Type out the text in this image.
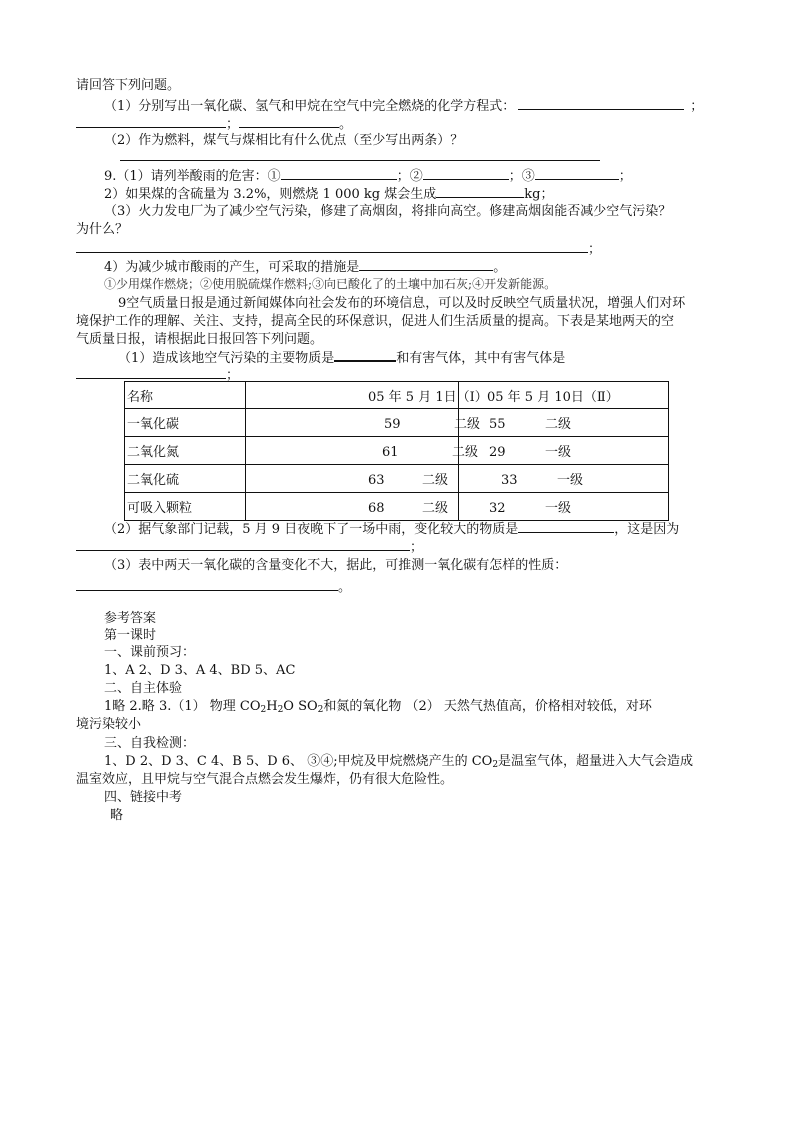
请回答下列问题。
（1）分别写出一氧化碳、氢气和甲烷在空气中完全燃烧的化学方程式：	；
；	。
（2）作为燃料，煤气与煤相比有什么优点（至少写出两条）？
9.（1）请列举酸雨的危害：①	；②	；③	；
2）如果煤的含硫量为 3.2%，则燃烧 1 000 kg 煤会生成	kg；
（3）火力发电厂为了减少空气污染，修建了高烟囱，将排向高空。修建高烟囱能否减少空气污染？
为什么？
；
4）为减少城市酸雨的产生，可采取的措施是	。
①少用煤作燃烧；②使用脱硫煤作燃料;③向已酸化了的土壤中加石灰;④开发新能源。
9空气质量日报是通过新闻媒体向社会发布的环境信息，可以及时反映空气质量状况，增强人们对环
境保护工作的理解、关注、支持，提高全民的环保意识，促进人们生活质量的提高。下表是某地两天的空
气质量日报，请根据此日报回答下列问题。
（1）造成该地空气污染的主要物质是	和有害气体，其中有害气体是
；
名称	05 年 5 月 1日（Ⅰ）	05 年 5 月 10日（Ⅱ）
一氧化碳	59 二级	55 二级
二氧化氮	61 二级	29 一级
二氧化硫	63 二级	33 一级
可吸入颗粒	68 二级	32 一级
（2）据气象部门记载，5 月 9 日夜晚下了一场中雨，变化较大的物质是	，这是因为
；
（3）表中两天一氧化碳的含量变化不大，据此，可推测一氧化碳有怎样的性质：
。
参考答案
第一课时
一、课前预习：
1、A 2、D 3、A 4、BD 5、AC
二、自主体验
1略 2.略 3.（1） 物理 $CO_2H_2O$ $SO_2$和氮的氧化物 （2） 天然气热值高，价格相对较低，对环
境污染较小
三、自我检测：
1、D 2、D 3、C 4、B 5、D 6、 ③④;甲烷及甲烷燃烧产生的 $CO_2$是温室气体，超量进入大气会造成
温室效应，且甲烷与空气混合点燃会发生爆炸，仍有很大危险性。
四、链接中考
略
